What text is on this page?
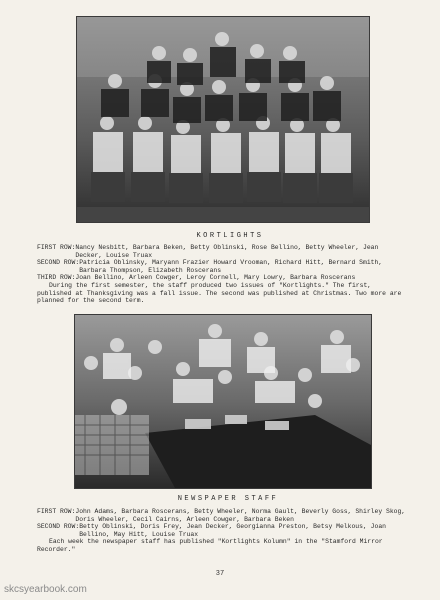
KORTLIGHTS
FIRST ROW: Nancy Nesbitt, Barbara Beken, Betty Oblinski, Rose Bellino, Betty Wheeler, Jean Decker, Louise Truax
SECOND ROW: Patricia Oblinsky, Maryann Frazier Howard Vrooman, Richard Hitt, Bernard Smith, Barbara Thompson, Elizabeth Roscerans
THIRD ROW: Joan Bellino, Arleen Cowger, Leroy Cornell, Mary Lowry, Barbara Roscerans
During the first semester, the staff produced two issues of "Kortlights." The first, published at Thanksgiving was a fall issue. The second was published at Christmas. Two more are planned for the second term.
NEWSPAPER STAFF
FIRST ROW: John Adams, Barbara Roscerans, Betty Wheeler, Norma Gault, Beverly Goss, Shirley Skog, Doris Wheeler, Cecil Cairns, Arleen Cowger, Barbara Beken
SECOND ROW: Betty Oblinski, Doris Frey, Jean Decker, Georgianna Preston, Betsy Melkous, Joan Bellino, May Hitt, Louise Truax
Each week the newspaper staff has published "Kortlights Kolumn" in the "Stamford Mirror Recorder."
37
skcsyearbook.com
